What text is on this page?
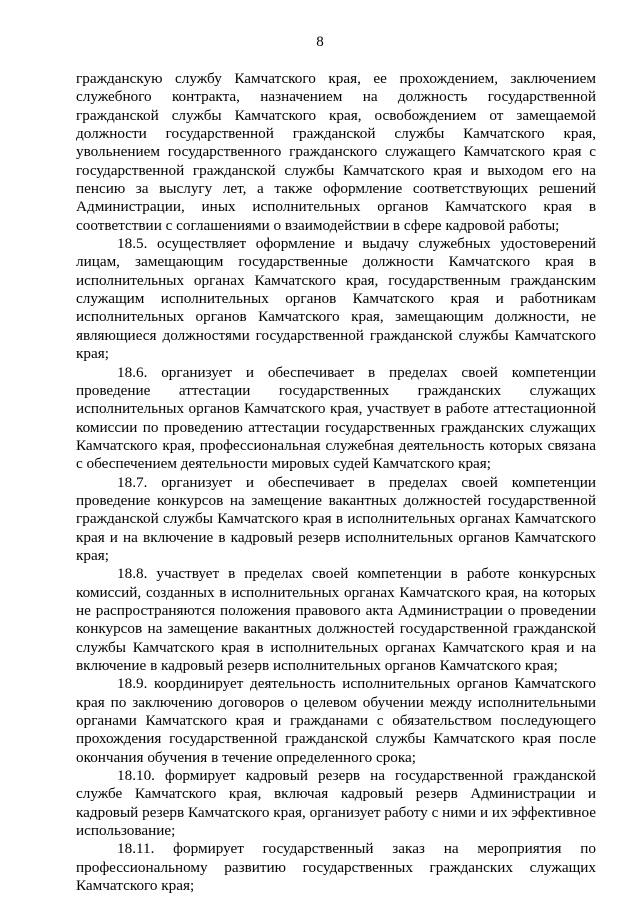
8

гражданскую службу Камчатского края, ее прохождением, заключением служебного контракта, назначением на должность государственной гражданской службы Камчатского края, освобождением от замещаемой должности государственной гражданской службы Камчатского края, увольнением государственного гражданского служащего Камчатского края с государственной гражданской службы Камчатского края и выходом его на пенсию за выслугу лет, а также оформление соответствующих решений Администрации, иных исполнительных органов Камчатского края в соответствии с соглашениями о взаимодействии в сфере кадровой работы;

18.5. осуществляет оформление и выдачу служебных удостоверений лицам, замещающим государственные должности Камчатского края в исполнительных органах Камчатского края, государственным гражданским служащим исполнительных органов Камчатского края и работникам исполнительных органов Камчатского края, замещающим должности, не являющиеся должностями государственной гражданской службы Камчатского края;

18.6. организует и обеспечивает в пределах своей компетенции проведение аттестации государственных гражданских служащих исполнительных органов Камчатского края, участвует в работе аттестационной комиссии по проведению аттестации государственных гражданских служащих Камчатского края, профессиональная служебная деятельность которых связана с обеспечением деятельности мировых судей Камчатского края;

18.7. организует и обеспечивает в пределах своей компетенции проведение конкурсов на замещение вакантных должностей государственной гражданской службы Камчатского края в исполнительных органах Камчатского края и на включение в кадровый резерв исполнительных органов Камчатского края;

18.8. участвует в пределах своей компетенции в работе конкурсных комиссий, созданных в исполнительных органах Камчатского края, на которых не распространяются положения правового акта Администрации о проведении конкурсов на замещение вакантных должностей государственной гражданской службы Камчатского края в исполнительных органах Камчатского края и на включение в кадровый резерв исполнительных органов Камчатского края;

18.9. координирует деятельность исполнительных органов Камчатского края по заключению договоров о целевом обучении между исполнительными органами Камчатского края и гражданами с обязательством последующего прохождения государственной гражданской службы Камчатского края после окончания обучения в течение определенного срока;

18.10. формирует кадровый резерв на государственной гражданской службе Камчатского края, включая кадровый резерв Администрации и кадровый резерв Камчатского края, организует работу с ними и их эффективное использование;

18.11. формирует государственный заказ на мероприятия по профессиональному развитию государственных гражданских служащих Камчатского края;
